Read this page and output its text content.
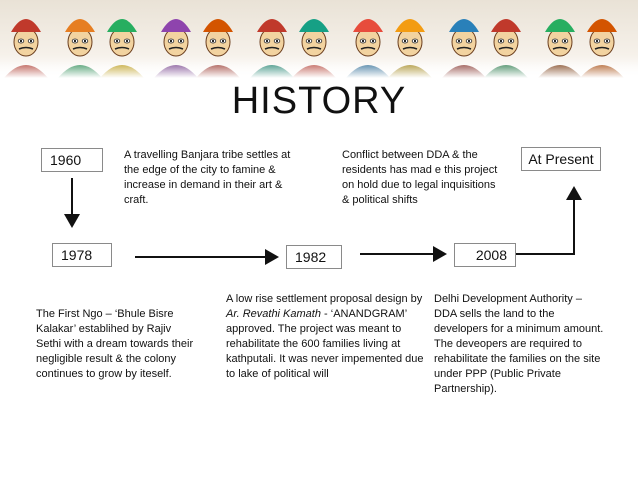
HISTORY
1960
1978	1982	2008
At Present
A travelling Banjara tribe settles at the edge of the city to famine & increase in demand in their art & craft.
Conflict between DDA & the residents has mad e this project on hold due to legal inquisitions & political shifts
The First Ngo – ‘Bhule Bisre Kalakar’ establihed by Rajiv Sethi with a dream towards their negligible result & the colony continues to grow by iteself.
A low rise settlement proposal design by Ar. Revathi Kamath - ‘ANANDGRAM’ approved. The project was meant to rehabilitate the 600 families living at kathputali. It was never impemented due to lake of political will
Delhi Development Authority – DDA sells the land to the developers for a minimum amount. The deveopers are required to rehabilitate the families on the site under PPP (Public Private Partnership).
